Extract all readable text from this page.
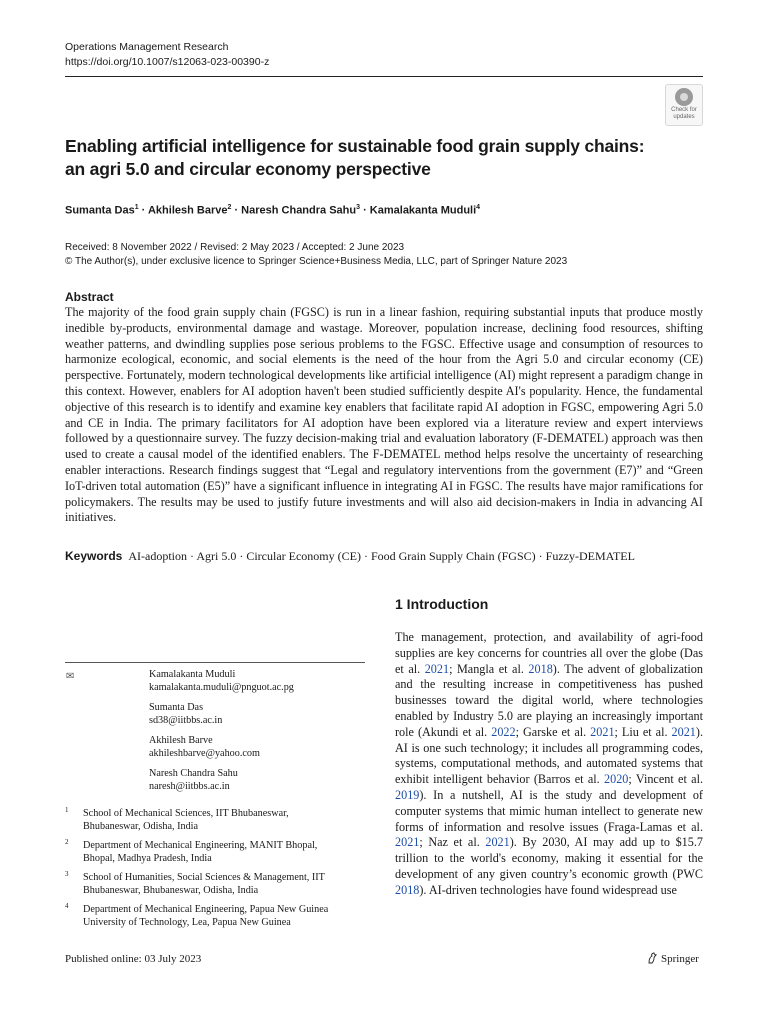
Operations Management Research
https://doi.org/10.1007/s12063-023-00390-z
Check for
updates
Enabling artificial intelligence for sustainable food grain supply chains: an agri 5.0 and circular economy perspective
Sumanta Das$^1$ · Akhilesh Barve$^2$ · Naresh Chandra Sahu$^3$ · Kamalakanta Muduli$^4$
Received: 8 November 2022 / Revised: 2 May 2023 / Accepted: 2 June 2023
© The Author(s), under exclusive licence to Springer Science+Business Media, LLC, part of Springer Nature 2023
Abstract
The majority of the food grain supply chain (FGSC) is run in a linear fashion, requiring substantial inputs that produce mostly inedible by-products, environmental damage and wastage. Moreover, population increase, declining food resources, shifting weather patterns, and dwindling supplies pose serious problems to the FGSC. Effective usage and consumption of resources to harmonize ecological, economic, and social elements is the need of the hour from the Agri 5.0 and circular economy (CE) perspective. Fortunately, modern technological developments like artificial intelligence (AI) might represent a paradigm change in this context. However, enablers for AI adoption haven't been studied sufficiently despite AI's popularity. Hence, the fundamental objective of this research is to identify and examine key enablers that facilitate rapid AI adoption in FGSC, empowering Agri 5.0 and CE in India. The primary facilitators for AI adoption have been explored via a literature review and expert interviews followed by a questionnaire survey. The fuzzy decision-making trial and evaluation laboratory (F-DEMATEL) approach was then used to create a causal model of the identified enablers. The F-DEMATEL method helps resolve the uncertainty of researching enabler interactions. Research findings suggest that “Legal and regulatory interventions from the government (E7)” and “Green IoT-driven total automation (E5)” have a significant influence in integrating AI in FGSC. The results have major ramifications for policymakers. The results may be used to justify future investments and will also aid decision-makers in India in advancing AI initiatives.
Keywords AI-adoption · Agri 5.0 · Circular Economy (CE) · Food Grain Supply Chain (FGSC) · Fuzzy-DEMATEL
1 Introduction
The management, protection, and availability of agri-food supplies are key concerns for countries all over the globe (Das et al. 2021; Mangla et al. 2018). The advent of globalization and the resulting increase in competitiveness has pushed businesses toward the digital world, where technologies enabled by Industry 5.0 are playing an increasingly important role (Akundi et al. 2022; Garske et al. 2021; Liu et al. 2021). AI is one such technology; it includes all programming codes, systems, computational methods, and automated systems that exhibit intelligent behavior (Barros et al. 2020; Vincent et al. 2019). In a nutshell, AI is the study and development of computer systems that mimic human intellect to generate new forms of information and resolve issues (Fraga-Lamas et al. 2021; Naz et al. 2021). By 2030, AI may add up to $15.7 trillion to the world's economy, making it essential for the development of any given country’s economic growth (PWC 2018). AI-driven technologies have found widespread use
✉	Kamalakanta Muduli
kamalakanta.muduli@pnguot.ac.pg
Sumanta Das
sd38@iitbbs.ac.in
Akhilesh Barve
akhileshbarve@yahoo.com
Naresh Chandra Sahu
naresh@iitbbs.ac.in
1 School of Mechanical Sciences, IIT Bhubaneswar,
Bhubaneswar, Odisha, India
2 Department of Mechanical Engineering, MANIT Bhopal,
Bhopal, Madhya Pradesh, India
3 School of Humanities, Social Sciences & Management, IIT
Bhubaneswar, Bhubaneswar, Odisha, India
4 Department of Mechanical Engineering, Papua New Guinea
University of Technology, Lea, Papua New Guinea
Published online: 03 July 2023	Springer
